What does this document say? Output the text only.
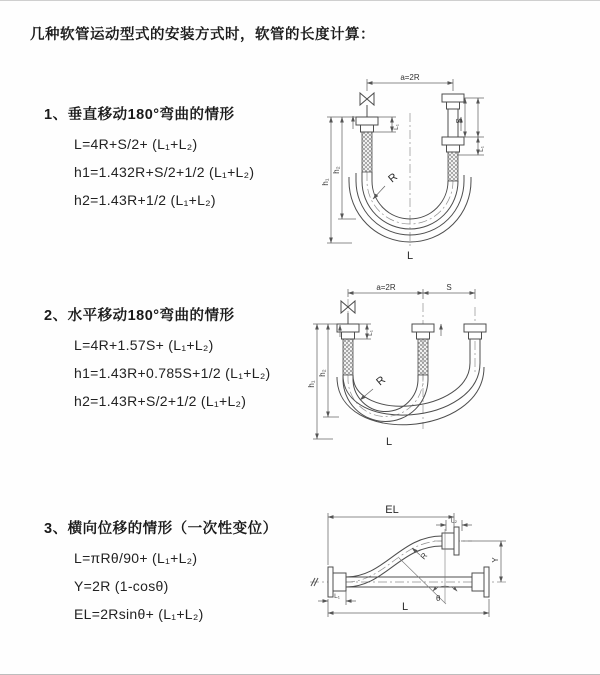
几种软管运动型式的安装方式时，软管的长度计算：
1、垂直移动180°弯曲的情形
L=4R+S/2+ (L₁+L₂)
h1=1.432R+S/2+1/2 (L₁+L₂)
h2=1.43R+1/2 (L₁+L₂)
2、水平移动180°弯曲的情形
L=4R+1.57S+ (L₁+L₂)
h1=1.43R+0.785S+1/2 (L₁+L₂)
h2=1.43R+S/2+1/2 (L₁+L₂)
3、横向位移的情形（一次性变位）
L=πRθ/90+ (L₁+L₂)
Y=2R (1-cosθ)
EL=2Rsinθ+ (L₁+L₂)
a=2R
S
L₁
L₁
h₁
h₂
R
L
a=2R	S
h₁
h₂
L₁
R
L
EL
L₂
Y
L
L₁
R
θ
